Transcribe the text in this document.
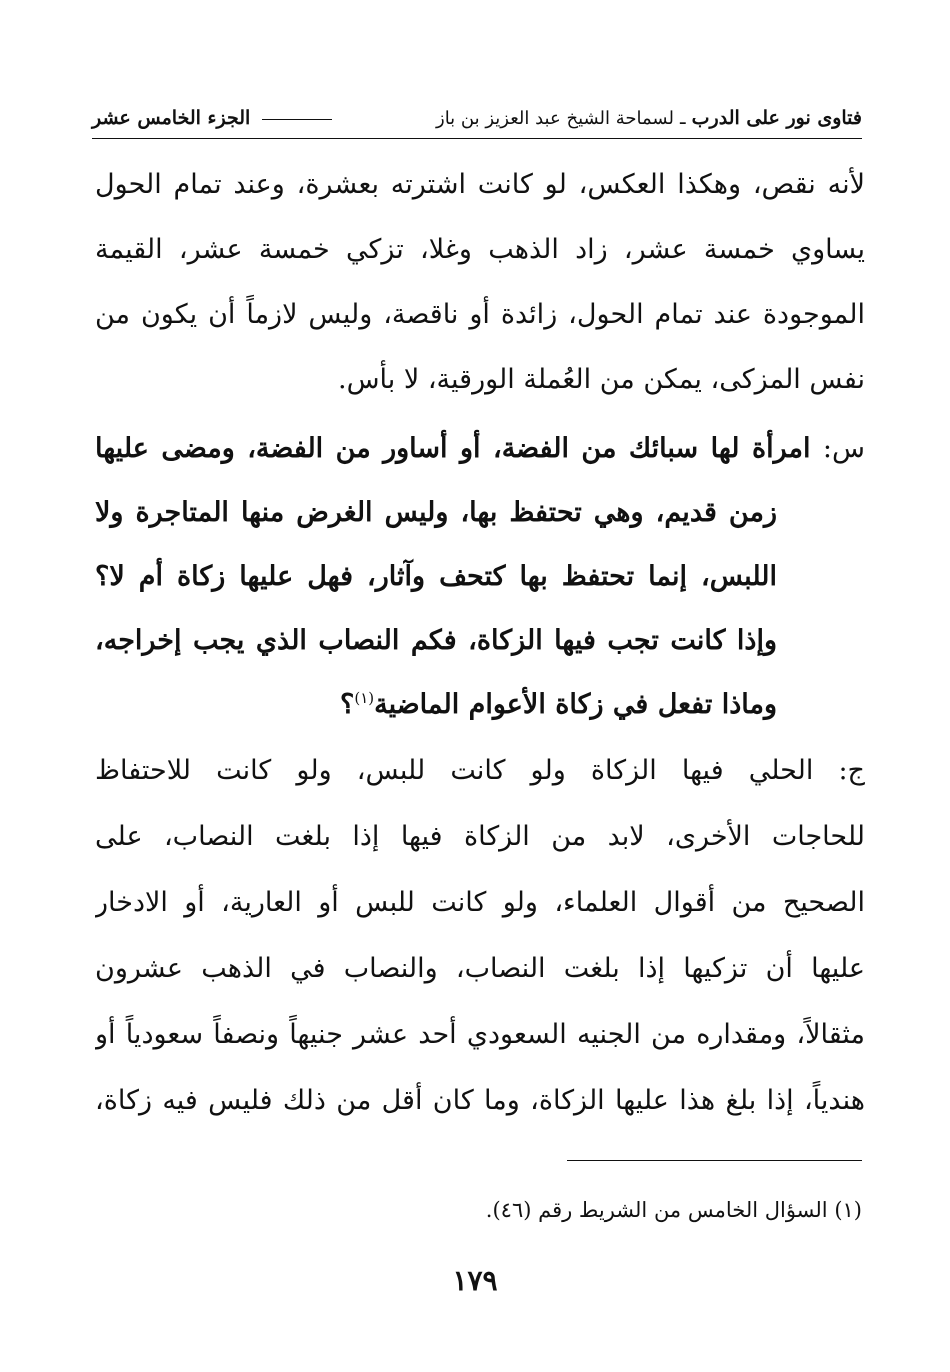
فتاوى نور على الدرب ـ لسماحة الشيخ عبد العزيز بن باز
الجزء الخامس عشر
لأنه نقص، وهكذا العكس، لو كانت اشترته بعشرة، وعند تمام الحول
يساوي خمسة عشر، زاد الذهب وغلا، تزكي خمسة عشر، القيمة
الموجودة عند تمام الحول، زائدة أو ناقصة، وليس لازماً أن يكون من
نفس المزكى، يمكن من العُملة الورقية، لا بأس.
س: امرأة لها سبائك من الفضة، أو أساور من الفضة، ومضى عليها
زمن قديم، وهي تحتفظ بها، وليس الغرض منها المتاجرة ولا
اللبس، إنما تحتفظ بها كتحف وآثار، فهل عليها زكاة أم لا؟
وإذا كانت تجب فيها الزكاة، فكم النصاب الذي يجب إخراجه،
وماذا تفعل في زكاة الأعوام الماضية$^{(١)}$؟
ج: الحلي فيها الزكاة ولو كانت للبس، ولو كانت للاحتفاظ
للحاجات الأخرى، لابد من الزكاة فيها إذا بلغت النصاب، على
الصحيح من أقوال العلماء، ولو كانت للبس أو العارية، أو الادخار
عليها أن تزكيها إذا بلغت النصاب، والنصاب في الذهب عشرون
مثقالاً، ومقداره من الجنيه السعودي أحد عشر جنيهاً ونصفاً سعودياً أو
هندياً، إذا بلغ هذا عليها الزكاة، وما كان أقل من ذلك فليس فيه زكاة،
(١) السؤال الخامس من الشريط رقم (٤٦).
١٧٩
